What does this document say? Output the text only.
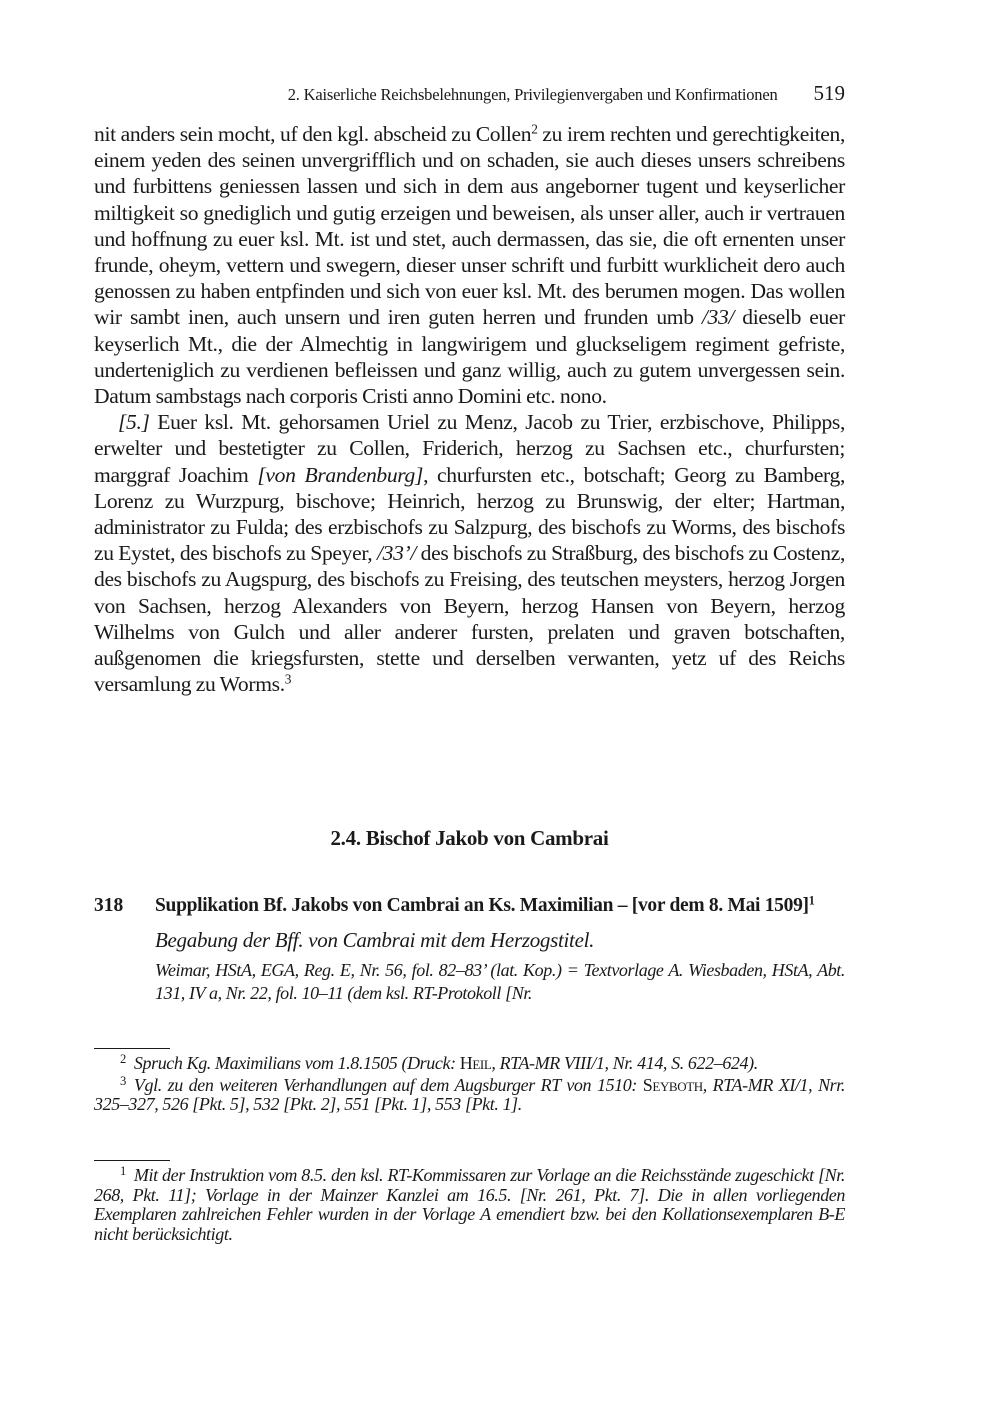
2. Kaiserliche Reichsbelehnungen, Privilegienvergaben und Konfirmationen 519

nit anders sein mocht, uf den kgl. abscheid zu Collen$^2$ zu irem rechten und gerechtigkeiten, einem yeden des seinen unvergrifflich und on schaden, sie auch dieses unsers schreibens und furbittens geniessen lassen und sich in dem aus angeborner tugent und keyserlicher miltigkeit so gnediglich und gutig erzeigen und beweisen, als unser aller, auch ir vertrauen und hoffnung zu euer ksl. Mt. ist und stet, auch dermassen, das sie, die oft ernenten unser frunde, oheym, vettern und swegern, dieser unser schrift und furbitt wurklicheit dero auch genossen zu haben entpfinden und sich von euer ksl. Mt. des berumen mogen. Das wollen wir sambt inen, auch unsern und iren guten herren und frunden umb /33/ dieselb euer keyserlich Mt., die der Almechtig in langwirigem und gluckseligem regiment gefriste, underteniglich zu verdienen befleissen und ganz willig, auch zu gutem unvergessen sein. Datum sambstags nach corporis Cristi anno Domini etc. nono.

[5.] Euer ksl. Mt. gehorsamen Uriel zu Menz, Jacob zu Trier, erzbischove, Philipps, erwelter und bestetigter zu Collen, Friderich, herzog zu Sachsen etc., churfursten; marggraf Joachim [von Brandenburg], churfursten etc., botschaft; Georg zu Bamberg, Lorenz zu Wurzpurg, bischove; Heinrich, herzog zu Brunswig, der elter; Hartman, administrator zu Fulda; des erzbischofs zu Salzpurg, des bischofs zu Worms, des bischofs zu Eystet, des bischofs zu Speyer, /33’/ des bischofs zu Straßburg, des bischofs zu Costenz, des bischofs zu Augspurg, des bischofs zu Freising, des teutschen meysters, herzog Jorgen von Sachsen, herzog Alexanders von Beyern, herzog Hansen von Beyern, herzog Wilhelms von Gulch und aller anderer fursten, prelaten und graven botschaften, außgenomen die kriegsfursten, stette und derselben verwanten, yetz uf des Reichs versamlung zu Worms.$^3$

2.4. Bischof Jakob von Cambrai
318 Supplikation Bf. Jakobs von Cambrai an Ks. Maximilian – [vor dem 8. Mai 1509]$^1$
Begabung der Bff. von Cambrai mit dem Herzogstitel.
Weimar, HStA, EGA, Reg. E, Nr. 56, fol. 82–83’ (lat. Kop.) = Textvorlage A. Wiesbaden, HStA, Abt. 131, IV a, Nr. 22, fol. 10–11 (dem ksl. RT-Protokoll [Nr.

$^2$ Spruch Kg. Maximilians vom 1.8.1505 (Druck: Heil, RTA-MR VIII/1, Nr. 414, S. 622–624).

$^3$ Vgl. zu den weiteren Verhandlungen auf dem Augsburger RT von 1510: Seyboth, RTA-MR XI/1, Nrr. 325–327, 526 [Pkt. 5], 532 [Pkt. 2], 551 [Pkt. 1], 553 [Pkt. 1].

$^1$ Mit der Instruktion vom 8.5. den ksl. RT-Kommissaren zur Vorlage an die Reichsstände zugeschickt [Nr. 268, Pkt. 11]; Vorlage in der Mainzer Kanzlei am 16.5. [Nr. 261, Pkt. 7]. Die in allen vorliegenden Exemplaren zahlreichen Fehler wurden in der Vorlage A emendiert bzw. bei den Kollationsexemplaren B-E nicht berücksichtigt.
